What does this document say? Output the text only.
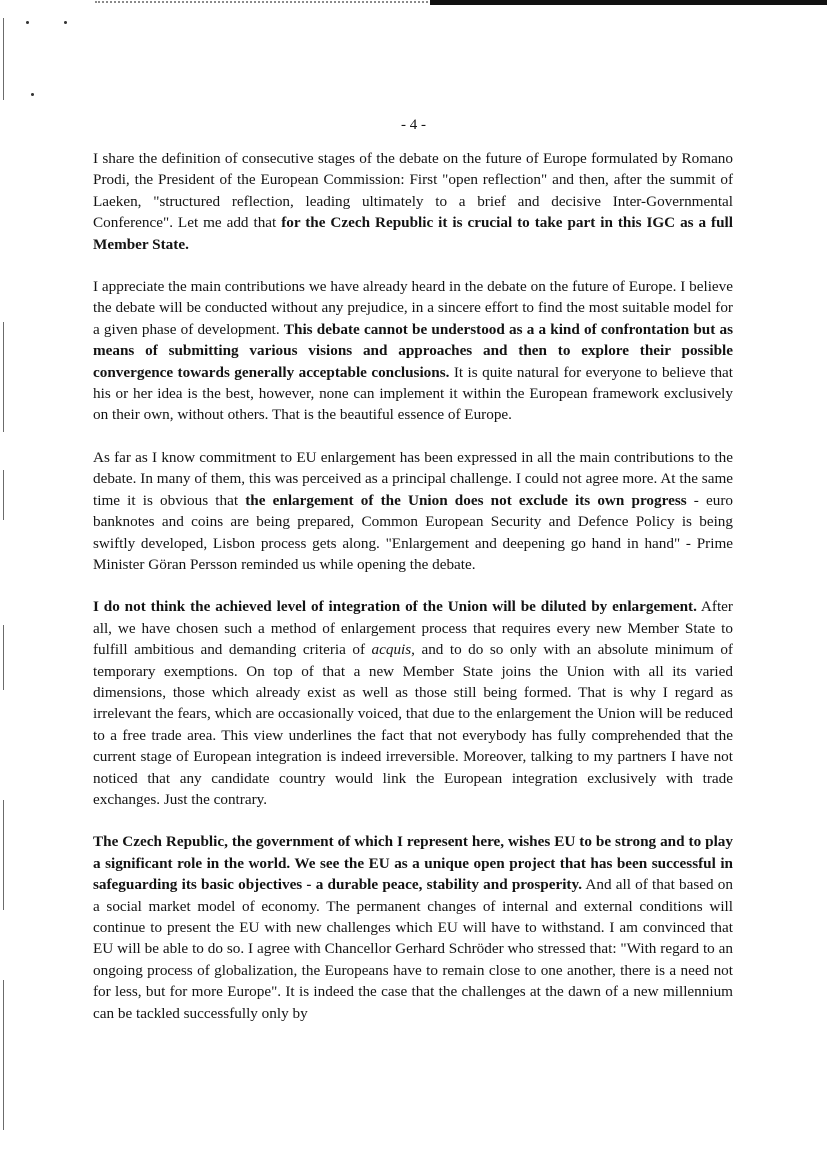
- 4 -

I share the definition of consecutive stages of the debate on the future of Europe formulated by Romano Prodi, the President of the European Commission: First "open reflection" and then, after the summit of Laeken, "structured reflection, leading ultimately to a brief and decisive Inter-Governmental Conference". Let me add that for the Czech Republic it is crucial to take part in this IGC as a full Member State.

I appreciate the main contributions we have already heard in the debate on the future of Europe. I believe the debate will be conducted without any prejudice, in a sincere effort to find the most suitable model for a given phase of development. This debate cannot be understood as a a kind of confrontation but as means of submitting various visions and approaches and then to explore their possible convergence towards generally acceptable conclusions. It is quite natural for everyone to believe that his or her idea is the best, however, none can implement it within the European framework exclusively on their own, without others. That is the beautiful essence of Europe.

As far as I know commitment to EU enlargement has been expressed in all the main contributions to the debate. In many of them, this was perceived as a principal challenge. I could not agree more. At the same time it is obvious that the enlargement of the Union does not exclude its own progress - euro banknotes and coins are being prepared, Common European Security and Defence Policy is being swiftly developed, Lisbon process gets along. "Enlargement and deepening go hand in hand" - Prime Minister Göran Persson reminded us while opening the debate.

I do not think the achieved level of integration of the Union will be diluted by enlargement. After all, we have chosen such a method of enlargement process that requires every new Member State to fulfill ambitious and demanding criteria of acquis, and to do so only with an absolute minimum of temporary exemptions. On top of that a new Member State joins the Union with all its varied dimensions, those which already exist as well as those still being formed. That is why I regard as irrelevant the fears, which are occasionally voiced, that due to the enlargement the Union will be reduced to a free trade area. This view underlines the fact that not everybody has fully comprehended that the current stage of European integration is indeed irreversible. Moreover, talking to my partners I have not noticed that any candidate country would link the European integration exclusively with trade exchanges. Just the contrary.

The Czech Republic, the government of which I represent here, wishes EU to be strong and to play a significant role in the world. We see the EU as a unique open project that has been successful in safeguarding its basic objectives - a durable peace, stability and prosperity. And all of that based on a social market model of economy. The permanent changes of internal and external conditions will continue to present the EU with new challenges which EU will have to withstand. I am convinced that EU will be able to do so. I agree with Chancellor Gerhard Schröder who stressed that: "With regard to an ongoing process of globalization, the Europeans have to remain close to one another, there is a need not for less, but for more Europe". It is indeed the case that the challenges at the dawn of a new millennium can be tackled successfully only by
